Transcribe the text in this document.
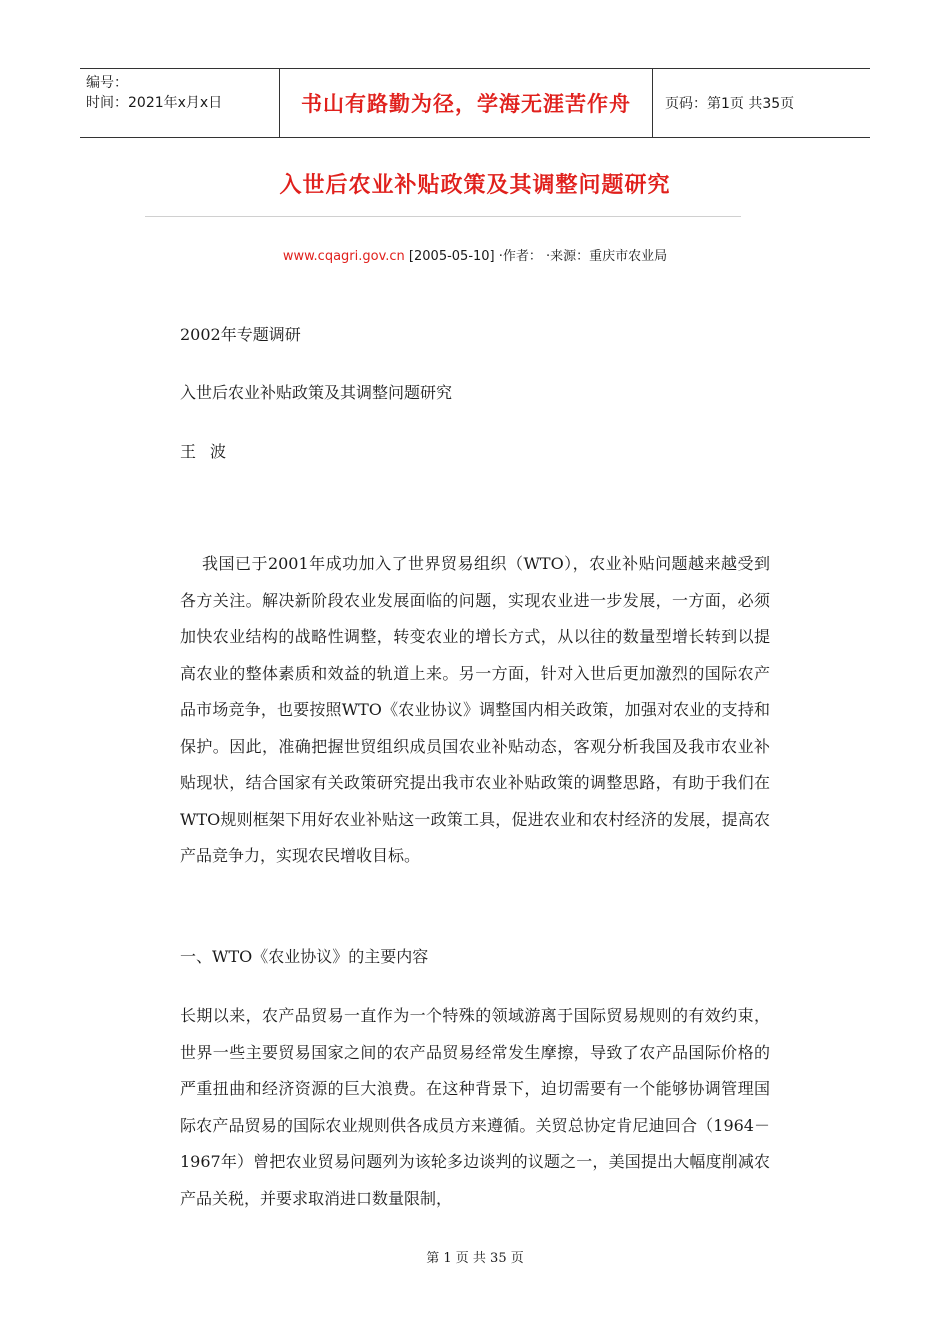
编号：
时间：2021年x月x日	书山有路勤为径，学海无涯苦作舟	页码：第1页 共35页
入世后农业补贴政策及其调整问题研究
www.cqagri.gov.cn [2005-05-10] ·作者： ·来源：重庆市农业局
2002年专题调研
入世后农业补贴政策及其调整问题研究
王波
我国已于2001年成功加入了世界贸易组织（WTO），农业补贴问题越来越受到各方关注。解决新阶段农业发展面临的问题，实现农业进一步发展，一方面，必须加快农业结构的战略性调整，转变农业的增长方式，从以往的数量型增长转到以提高农业的整体素质和效益的轨道上来。另一方面，针对入世后更加激烈的国际农产品市场竞争，也要按照WTO《农业协议》调整国内相关政策，加强对农业的支持和保护。因此，准确把握世贸组织成员国农业补贴动态，客观分析我国及我市农业补贴现状，结合国家有关政策研究提出我市农业补贴政策的调整思路，有助于我们在WTO规则框架下用好农业补贴这一政策工具，促进农业和农村经济的发展，提高农产品竞争力，实现农民增收目标。
一、WTO《农业协议》的主要内容
长期以来，农产品贸易一直作为一个特殊的领域游离于国际贸易规则的有效约束，世界一些主要贸易国家之间的农产品贸易经常发生摩擦，导致了农产品国际价格的严重扭曲和经济资源的巨大浪费。在这种背景下，迫切需要有一个能够协调管理国际农产品贸易的国际农业规则供各成员方来遵循。关贸总协定肯尼迪回合（1964－1967年）曾把农业贸易问题列为该轮多边谈判的议题之一，美国提出大幅度削减农产品关税，并要求取消进口数量限制，
第 1 页 共 35 页
